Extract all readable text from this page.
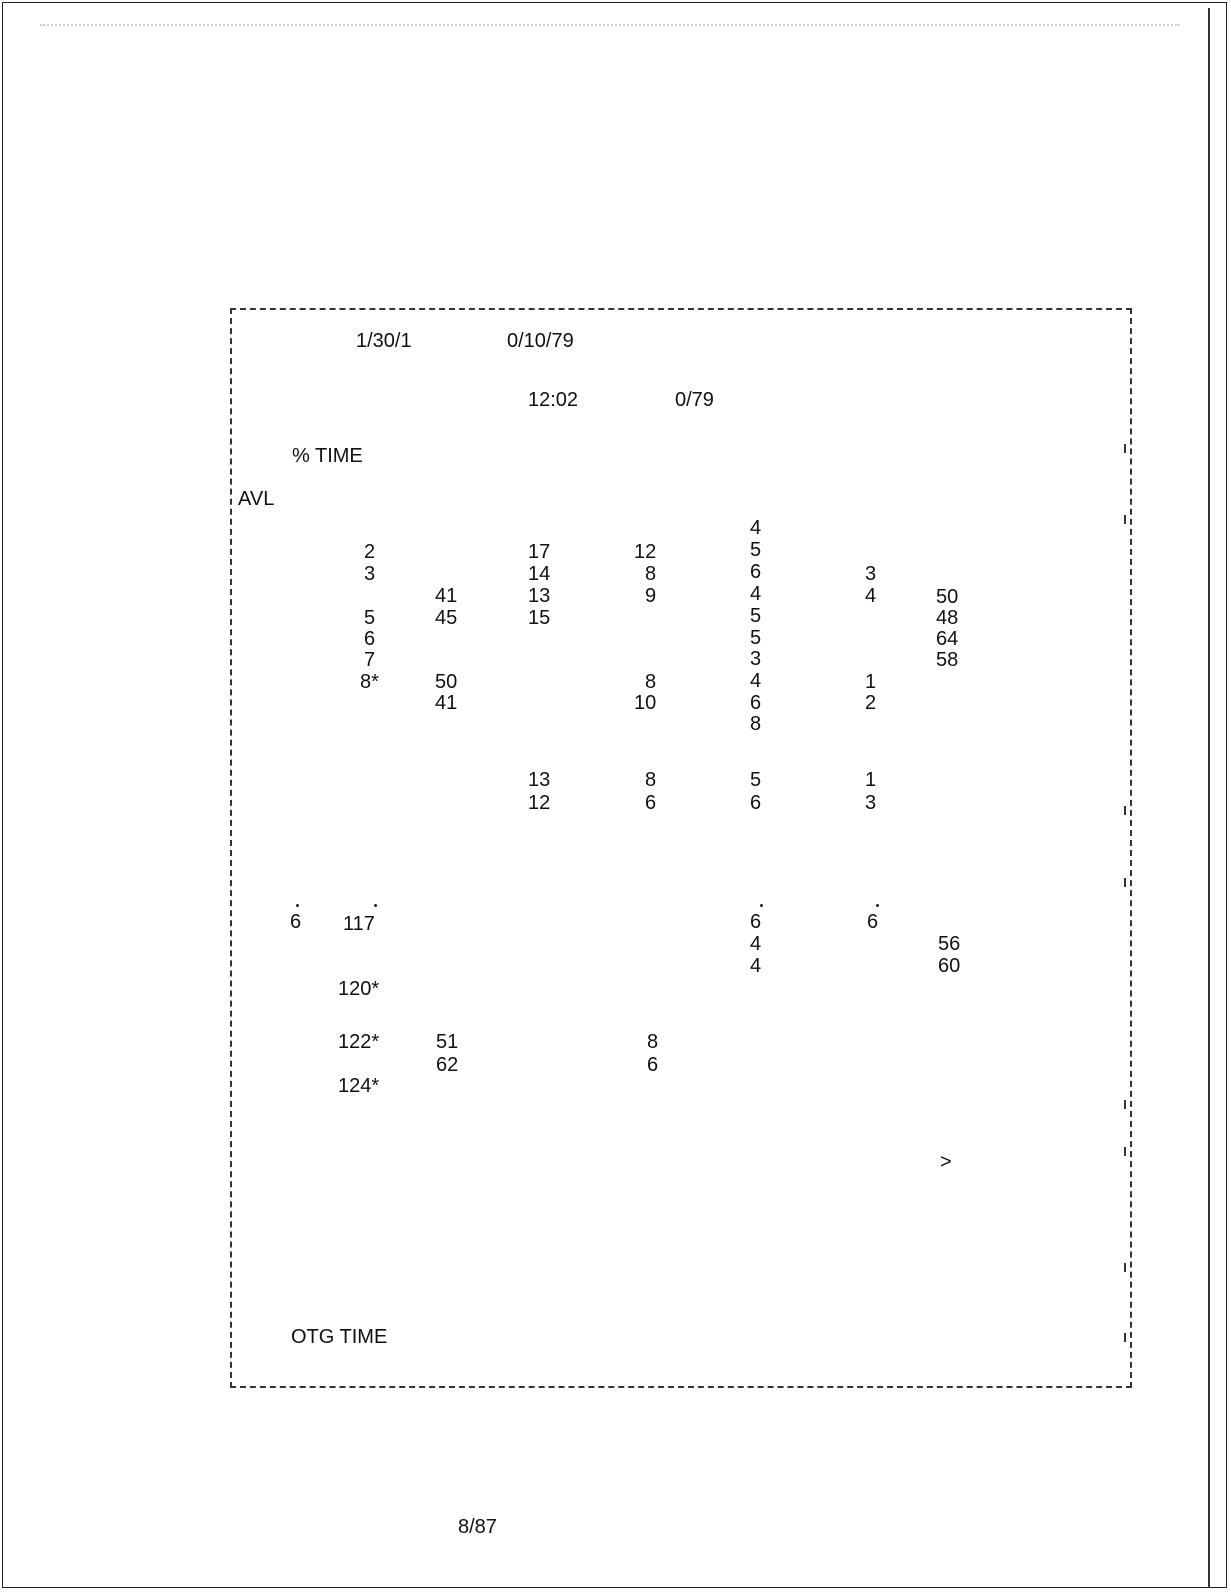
1/30/1	0/10/79
12:02	0/79
% TIME
AVL
2
3
5
6
7
8*
41
45
50
41
17
14
13
15
12
8
9
8
10
4
5
6
4
5
5
3
4
6
8
3
4
1
2
50
48
64
58
13
12
8
6
5
6
1
3
6 117
120*
122*
124*
51
62
8
6
6
4
4
6
56
60
>
OTG TIME
8/87
